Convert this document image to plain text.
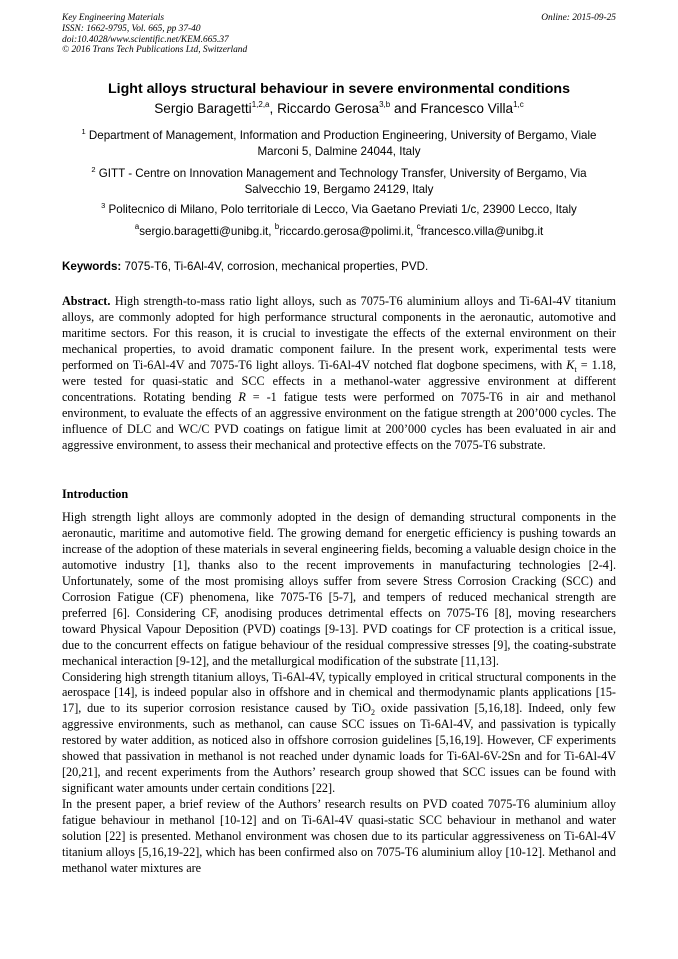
Key Engineering Materials
ISSN: 1662-9795, Vol. 665, pp 37-40
doi:10.4028/www.scientific.net/KEM.665.37
© 2016 Trans Tech Publications Ltd, Switzerland
Online: 2015-09-25
Light alloys structural behaviour in severe environmental conditions
Sergio Baragetti$^{1,2,a}$, Riccardo Gerosa$^{3,b}$ and Francesco Villa$^{1,c}$
$^1$ Department of Management, Information and Production Engineering, University of Bergamo, Viale Marconi 5, Dalmine 24044, Italy
$^2$ GITT - Centre on Innovation Management and Technology Transfer, University of Bergamo, Via Salvecchio 19, Bergamo 24129, Italy
$^3$ Politecnico di Milano, Polo territoriale di Lecco, Via Gaetano Previati 1/c, 23900 Lecco, Italy
$^a$sergio.baragetti@unibg.it, $^b$riccardo.gerosa@polimi.it, $^c$francesco.villa@unibg.it
Keywords: 7075-T6, Ti-6Al-4V, corrosion, mechanical properties, PVD.
Abstract. High strength-to-mass ratio light alloys, such as 7075-T6 aluminium alloys and Ti-6Al-4V titanium alloys, are commonly adopted for high performance structural components in the aeronautic, automotive and maritime sectors. For this reason, it is crucial to investigate the effects of the external environment on their mechanical properties, to avoid dramatic component failure. In the present work, experimental tests were performed on Ti-6Al-4V and 7075-T6 light alloys. Ti-6Al-4V notched flat dogbone specimens, with $K_t = 1.18$, were tested for quasi-static and SCC effects in a methanol-water aggressive environment at different concentrations. Rotating bending R = -1 fatigue tests were performed on 7075-T6 in air and methanol environment, to evaluate the effects of an aggressive environment on the fatigue strength at 200’000 cycles. The influence of DLC and WC/C PVD coatings on fatigue limit at 200’000 cycles has been evaluated in air and aggressive environment, to assess their mechanical and protective effects on the 7075-T6 substrate.
Introduction

High strength light alloys are commonly adopted in the design of demanding structural components in the aeronautic, maritime and automotive field. The growing demand for energetic efficiency is pushing towards an increase of the adoption of these materials in several engineering fields, becoming a valuable design choice in the automotive industry [1], thanks also to the recent improvements in manufacturing technologies [2-4]. Unfortunately, some of the most promising alloys suffer from severe Stress Corrosion Cracking (SCC) and Corrosion Fatigue (CF) phenomena, like 7075-T6 [5-7], and tempers of reduced mechanical strength are preferred [6]. Considering CF, anodising produces detrimental effects on 7075-T6 [8], moving researchers toward Physical Vapour Deposition (PVD) coatings [9-13]. PVD coatings for CF protection is a critical issue, due to the concurrent effects on fatigue behaviour of the residual compressive stresses [9], the coating-substrate mechanical interaction [9-12], and the metallurgical modification of the substrate [11,13].

Considering high strength titanium alloys, Ti-6Al-4V, typically employed in critical structural components in the aerospace [14], is indeed popular also in offshore and in chemical and thermodynamic plants applications [15-17], due to its superior corrosion resistance caused by TiO$_2$ oxide passivation [5,16,18]. Indeed, only few aggressive environments, such as methanol, can cause SCC issues on Ti-6Al-4V, and passivation is typically restored by water addition, as noticed also in offshore corrosion guidelines [5,16,19]. However, CF experiments showed that passivation in methanol is not reached under dynamic loads for Ti-6Al-6V-2Sn and for Ti-6Al-4V [20,21], and recent experiments from the Authors’ research group showed that SCC issues can be found with significant water amounts under certain conditions [22].

In the present paper, a brief review of the Authors’ research results on PVD coated 7075-T6 aluminium alloy fatigue behaviour in methanol [10-12] and on Ti-6Al-4V quasi-static SCC behaviour in methanol and water solution [22] is presented. Methanol environment was chosen due to its particular aggressiveness on Ti-6Al-4V titanium alloys [5,16,19-22], which has been confirmed also on 7075-T6 aluminium alloy [10-12]. Methanol and methanol water mixtures are
